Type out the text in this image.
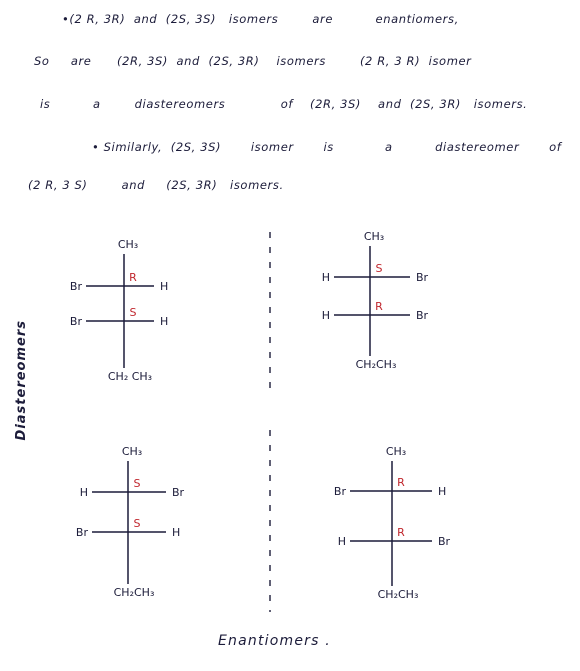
•(2 R, 3R)  and  (2S, 3S)   isomers        are          enantiomers,
So     are      (2R, 3S)  and  (2S, 3R)    isomers        (2 R, 3 R)  isomer
is          a        diastereomers             of    (2R, 3S)    and  (2S, 3R)   isomers.
• Similarly,  (2S, 3S)       isomer       is            a          diastereomer       of
(2 R, 3 S)        and     (2S, 3R)   isomers.
Diastereomers
Enantiomers .
CH₃
CH₂ CH₃
Br	H
R
Br	H
S
CH₃
CH₂CH₃
H	Br
S
H	Br
R
CH₃
CH₂CH₃
H	Br
S
Br	H
S
CH₃
CH₂CH₃
Br	H
R
H	Br
R
